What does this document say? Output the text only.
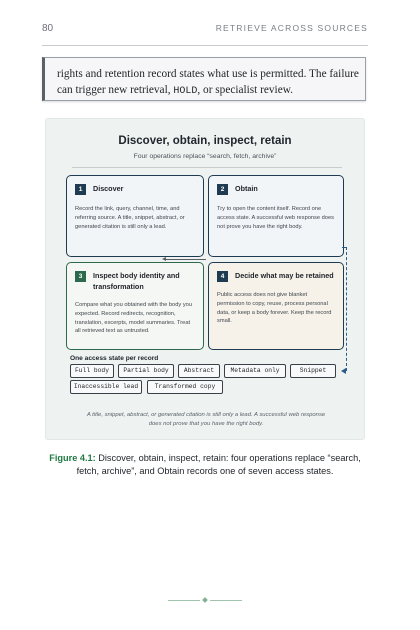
80	RETRIEVE ACROSS SOURCES

rights and retention record states what use is permitted. The failure can trigger new retrieval, HOLD, or specialist review.

Discover, obtain, inspect, retain
Four operations replace “search, fetch, archive”
1	Discover
Record the link, query, channel, time, and referring source. A title, snippet, abstract, or generated citation is still only a lead.
2	Obtain
Try to open the content itself. Record one access state. A successful web response does not prove you have the right body.
3	Inspect body identity and transformation
Compare what you obtained with the body you expected. Record redirects, recognition, translation, excerpts, model summaries. Treat all retrieved text as untrusted.
4	Decide what may be retained
Public access does not give blanket permission to copy, reuse, process personal data, or keep a body forever. Keep the record small.
One access state per record
Full body	Partial body	Abstract	Metadata only	Snippet
Inaccessible lead	Transformed copy
A title, snippet, abstract, or generated citation is still only a lead. A successful web response does not prove that you have the right body.
Figure 4.1: Discover, obtain, inspect, retain: four operations replace “search, fetch, archive”, and Obtain records one of seven access states.
